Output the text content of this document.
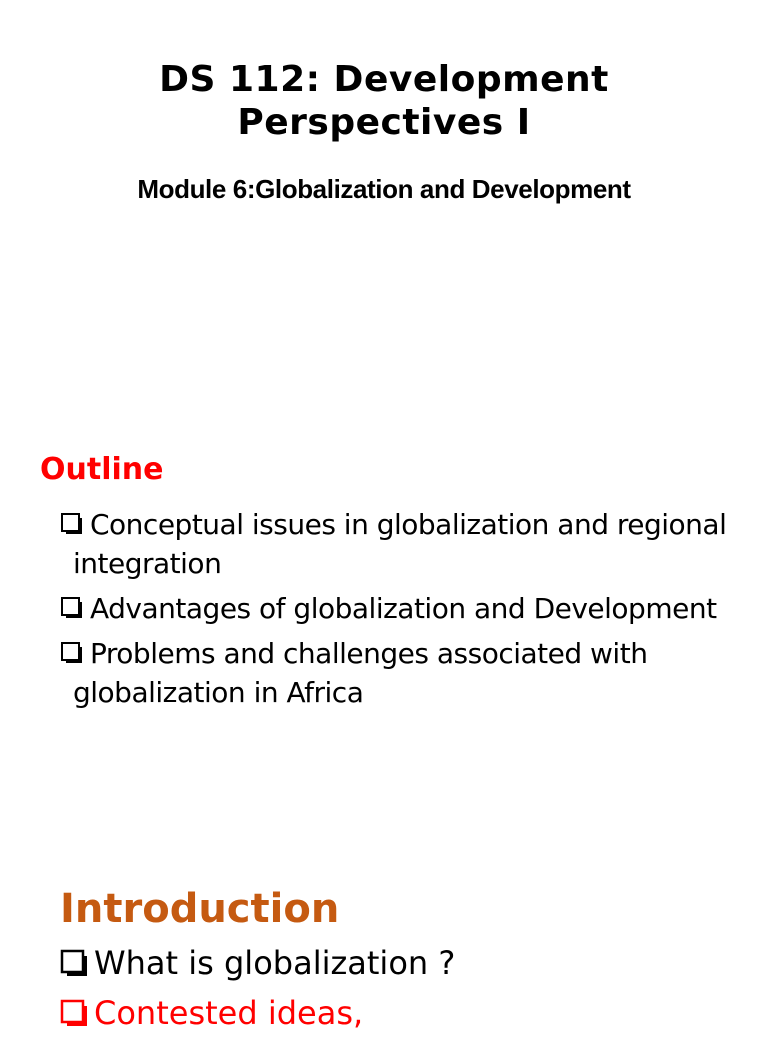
DS 112: Development
Perspectives I
Module 6:Globalization and Development
Outline
Conceptual issues in globalization and regional integration
Advantages of globalization and Development
Problems and challenges associated with globalization in Africa
Introduction
What is globalization ?
Contested ideas,
